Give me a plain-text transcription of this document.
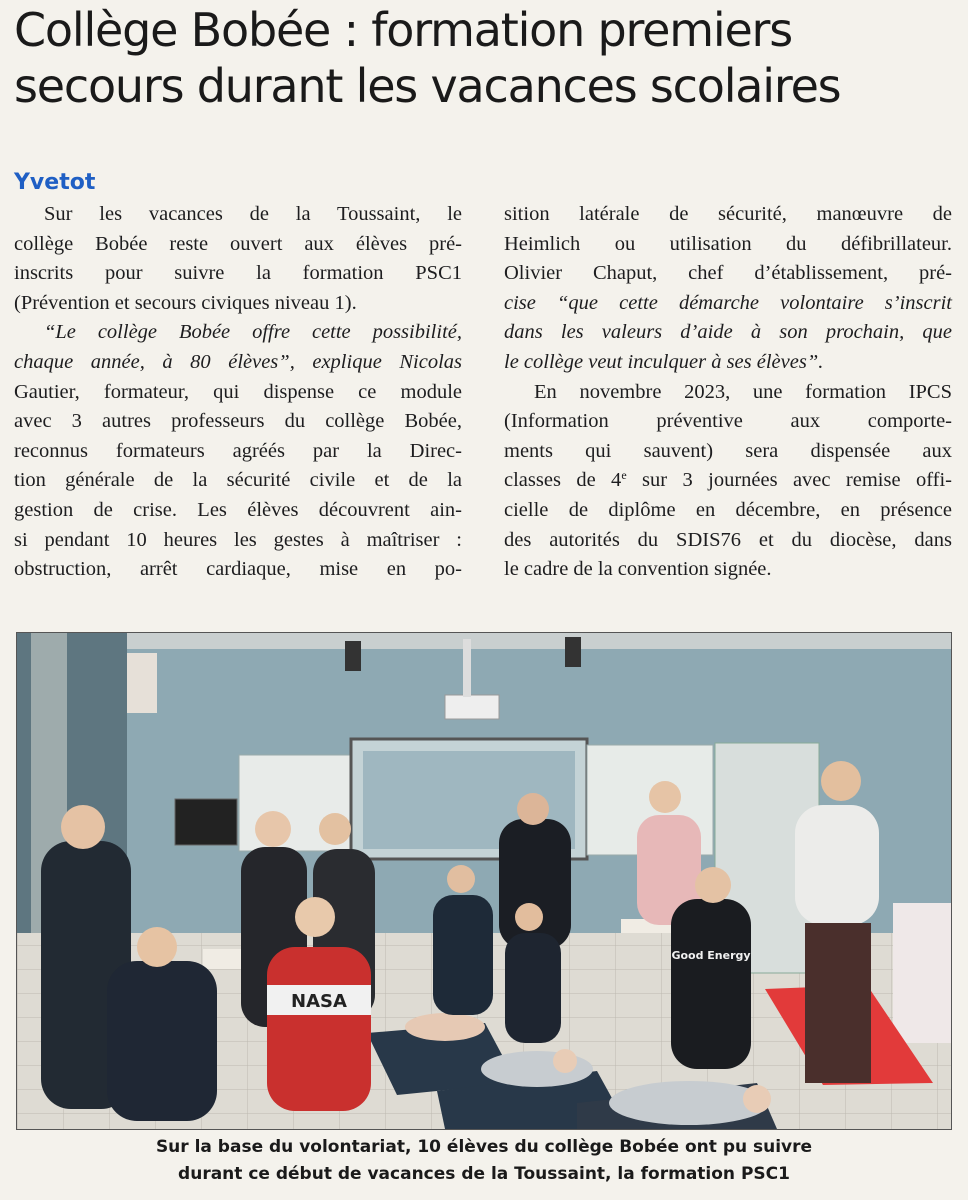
Collège Bobée : formation premiers
secours durant les vacances scolaires
Yvetot
Sur les vacances de la Toussaint, le
collège Bobée reste ouvert aux élèves pré-
inscrits pour suivre la formation PSC1
(Prévention et secours civiques niveau 1).
“Le collège Bobée offre cette possibilité,
chaque année, à 80 élèves”, explique Nicolas
Gautier, formateur, qui dispense ce module
avec 3 autres professeurs du collège Bobée,
reconnus formateurs agréés par la Direc-
tion générale de la sécurité civile et de la
gestion de crise. Les élèves découvrent ain-
si pendant 10 heures les gestes à maîtriser :
obstruction, arrêt cardiaque, mise en po-
sition latérale de sécurité, manœuvre de
Heimlich ou utilisation du défibrillateur.
Olivier Chaput, chef d’établissement, pré-
cise “que cette démarche volontaire s’inscrit
dans les valeurs d’aide à son prochain, que
le collège veut inculquer à ses élèves”.
En novembre 2023, une formation IPCS
(Information préventive aux comporte-
ments qui sauvent) sera dispensée aux
classes de 4e sur 3 journées avec remise offi-
cielle de diplôme en décembre, en présence
des autorités du SDIS76 et du diocèse, dans
le cadre de la convention signée.
NASA
Good Energy
Sur la base du volontariat, 10 élèves du collège Bobée ont pu suivre
durant ce début de vacances de la Toussaint, la formation PSC1
